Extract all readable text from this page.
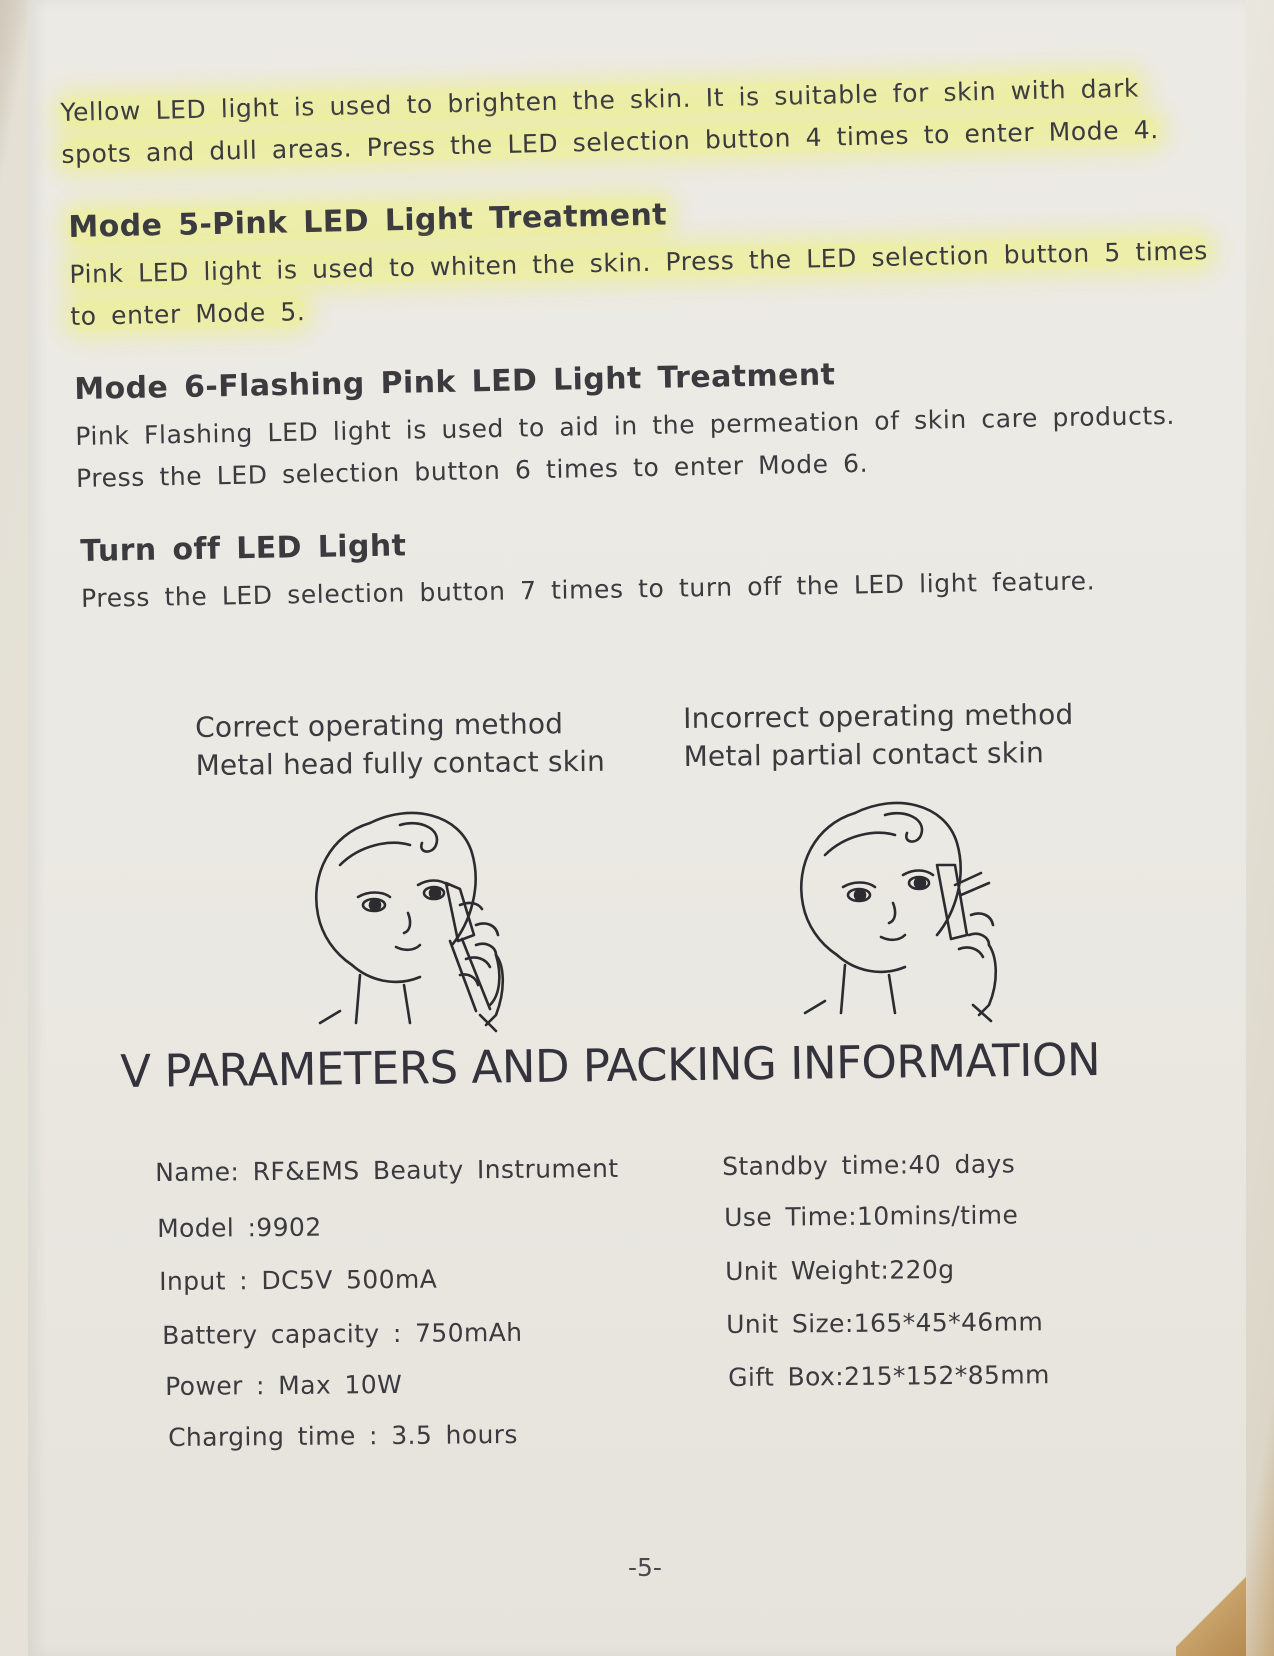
Yellow LED light is used to brighten the skin. It is suitable for skin with dark
spots and dull areas. Press the LED selection button 4 times to enter Mode 4.

Mode 5-Pink LED Light Treatment

Pink LED light is used to whiten the skin. Press the LED selection button 5 times
to enter Mode 5.

Mode 6-Flashing Pink LED Light Treatment

Pink Flashing LED light is used to aid in the permeation of skin care products.
Press the LED selection button 6 times to enter Mode 6.

Turn off LED Light

Press the LED selection button 7 times to turn off the LED light feature.

Correct operating method
Metal head fully contact skin
Incorrect operating method
Metal partial contact skin
V PARAMETERS AND PACKING INFORMATION
Name: RF&EMS Beauty Instrument
Model :9902
Input : DC5V 500mA
Battery capacity : 750mAh
Power : Max 10W
Charging time : 3.5 hours
Standby time:40 days
Use Time:10mins/time
Unit Weight:220g
Unit Size:165*45*46mm
Gift Box:215*152*85mm
-5-
